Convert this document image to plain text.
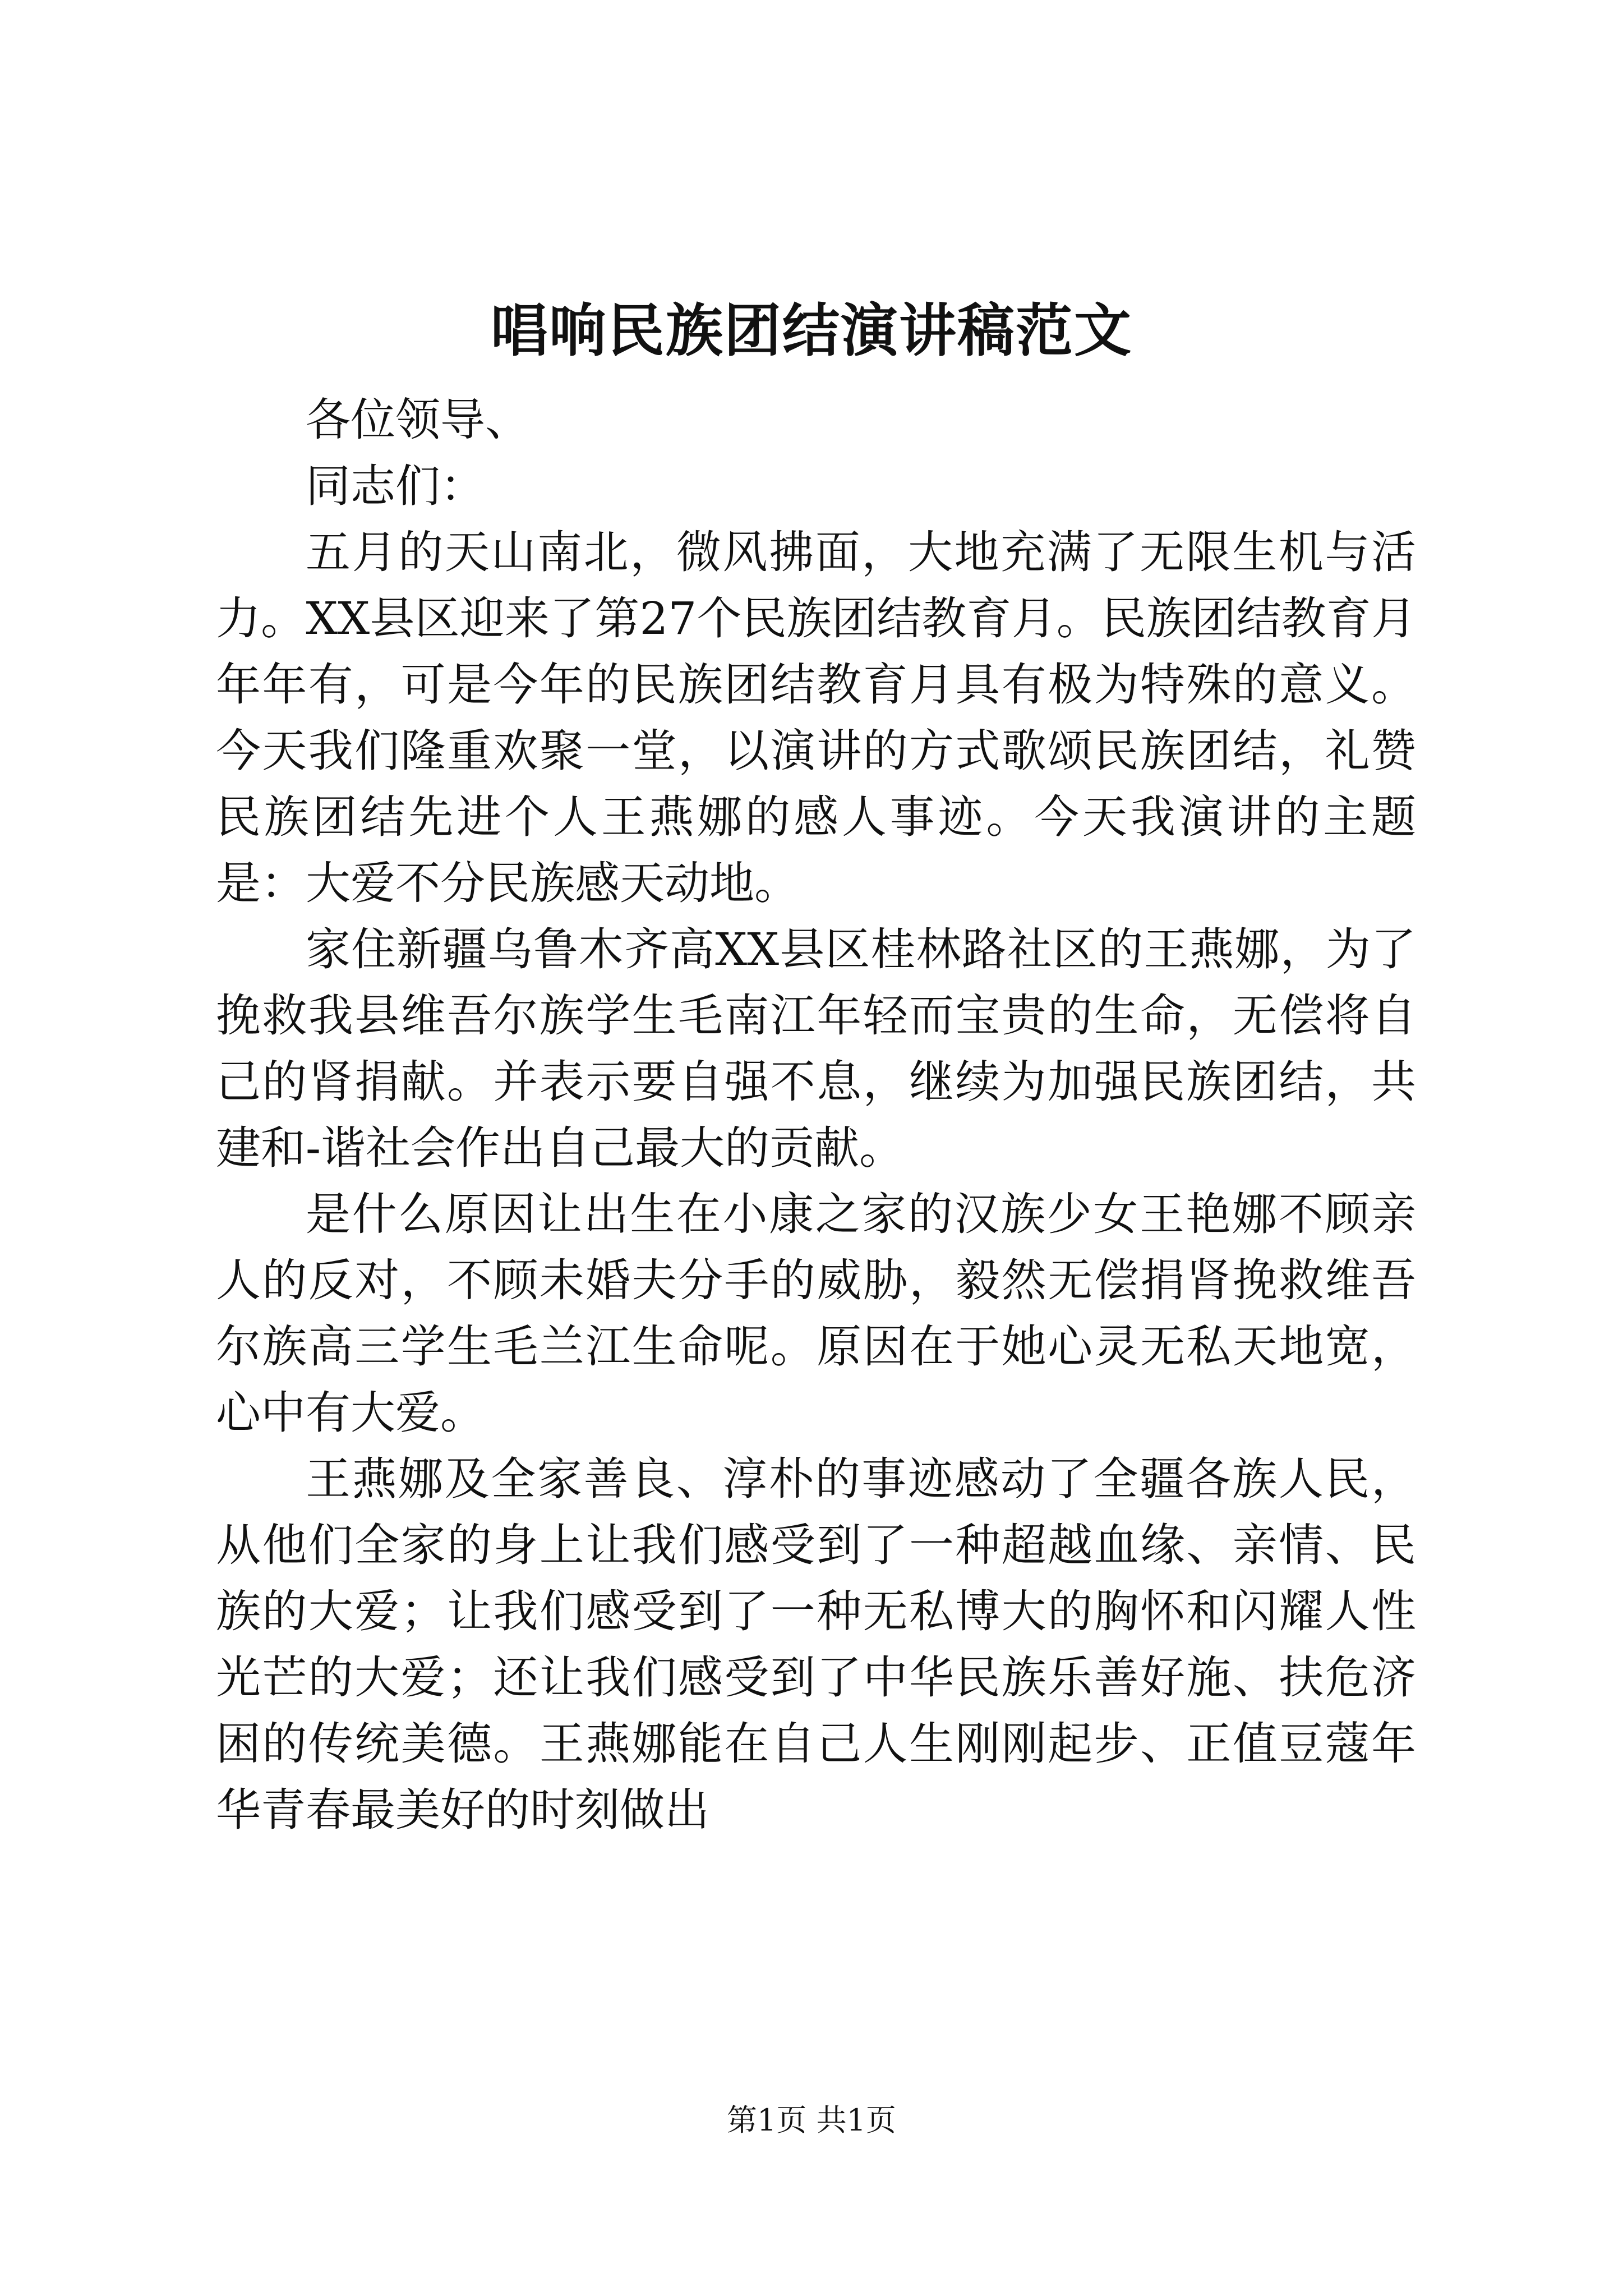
唱响民族团结演讲稿范文

各位领导、

同志们：

五月的天山南北，微风拂面，大地充满了无限生机与活力。XX县区迎来了第27个民族团结教育月。民族团结教育月年年有，可是今年的民族团结教育月具有极为特殊的意义。今天我们隆重欢聚一堂，以演讲的方式歌颂民族团结，礼赞民族团结先进个人王燕娜的感人事迹。今天我演讲的主题是：大爱不分民族感天动地。

家住新疆乌鲁木齐高XX县区桂林路社区的王燕娜，为了挽救我县维吾尔族学生毛南江年轻而宝贵的生命，无偿将自己的肾捐献。并表示要自强不息，继续为加强民族团结，共建和-谐社会作出自己最大的贡献。

是什么原因让出生在小康之家的汉族少女王艳娜不顾亲人的反对，不顾未婚夫分手的威胁，毅然无偿捐肾挽救维吾尔族高三学生毛兰江生命呢。原因在于她心灵无私天地宽，心中有大爱。

王燕娜及全家善良、淳朴的事迹感动了全疆各族人民，从他们全家的身上让我们感受到了一种超越血缘、亲情、民族的大爱；让我们感受到了一种无私博大的胸怀和闪耀人性光芒的大爱；还让我们感受到了中华民族乐善好施、扶危济困的传统美德。王燕娜能在自己人生刚刚起步、正值豆蔻年华青春最美好的时刻做出

第1页 共1页
